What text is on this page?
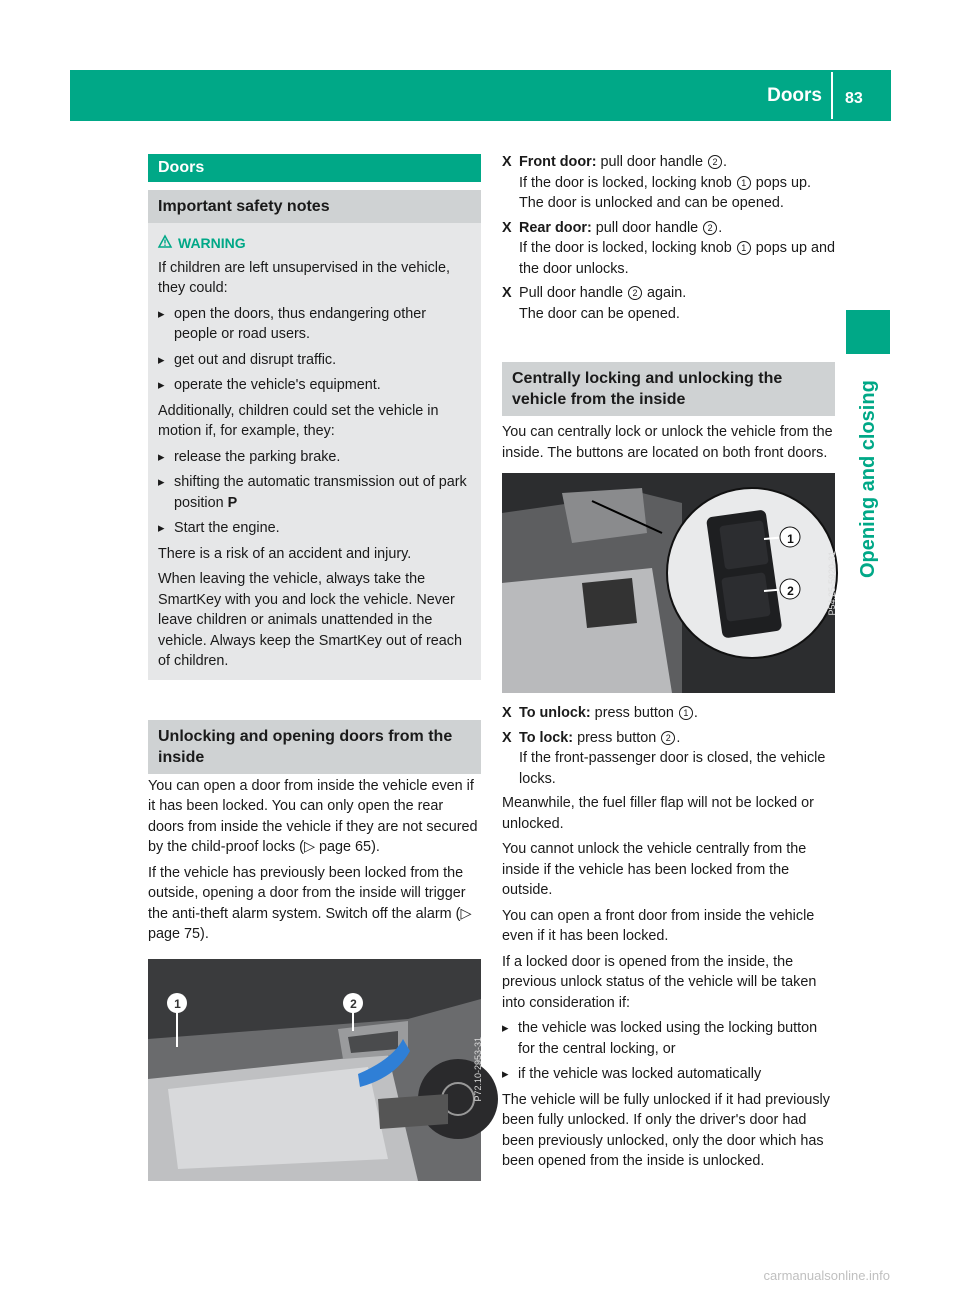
Doors 83
Opening and closing
Doors
Important safety notes
WARNING

If children are left unsupervised in the vehicle, they could:

▸ open the doors, thus endangering other people or road users.
▸ get out and disrupt traffic.
▸ operate the vehicle's equipment.

Additionally, children could set the vehicle in motion if, for example, they:

▸ release the parking brake.
▸ shifting the automatic transmission out of park position P
▸ Start the engine.

There is a risk of an accident and injury.

When leaving the vehicle, always take the SmartKey with you and lock the vehicle. Never leave children or animals unattended in the vehicle. Always keep the SmartKey out of reach of children.

Unlocking and opening doors from the inside

You can open a door from inside the vehicle even if it has been locked. You can only open the rear doors from inside the vehicle if they are not secured by the child-proof locks (▷ page 65).

If the vehicle has previously been locked from the outside, opening a door from the inside will trigger the anti-theft alarm system. Switch off the alarm (▷ page 75).

1	2
P72.10-2953-31
X Front door: pull door handle 2 .
If the door is locked, locking knob 1 pops up. The door is unlocked and can be opened.
X Rear door: pull door handle 2 .
If the door is locked, locking knob 1 pops up and the door unlocks.
X Pull door handle 2 again.
The door can be opened.
Centrally locking and unlocking the vehicle from the inside

You can centrally lock or unlock the vehicle from the inside. The buttons are located on both front doors.

1
2	P54.25-5920-31
X To unlock: press button 1 .
X To lock: press button 2 .
If the front-passenger door is closed, the vehicle locks.

Meanwhile, the fuel filler flap will not be locked or unlocked.

You cannot unlock the vehicle centrally from the inside if the vehicle has been locked from the outside.

You can open a front door from inside the vehicle even if it has been locked.

If a locked door is opened from the inside, the previous unlock status of the vehicle will be taken into consideration if:

▸ the vehicle was locked using the locking button for the central locking, or
▸ if the vehicle was locked automatically

The vehicle will be fully unlocked if it had previously been fully unlocked. If only the driver's door had been previously unlocked, only the door which has been opened from the inside is unlocked.

carmanualsonline.info
